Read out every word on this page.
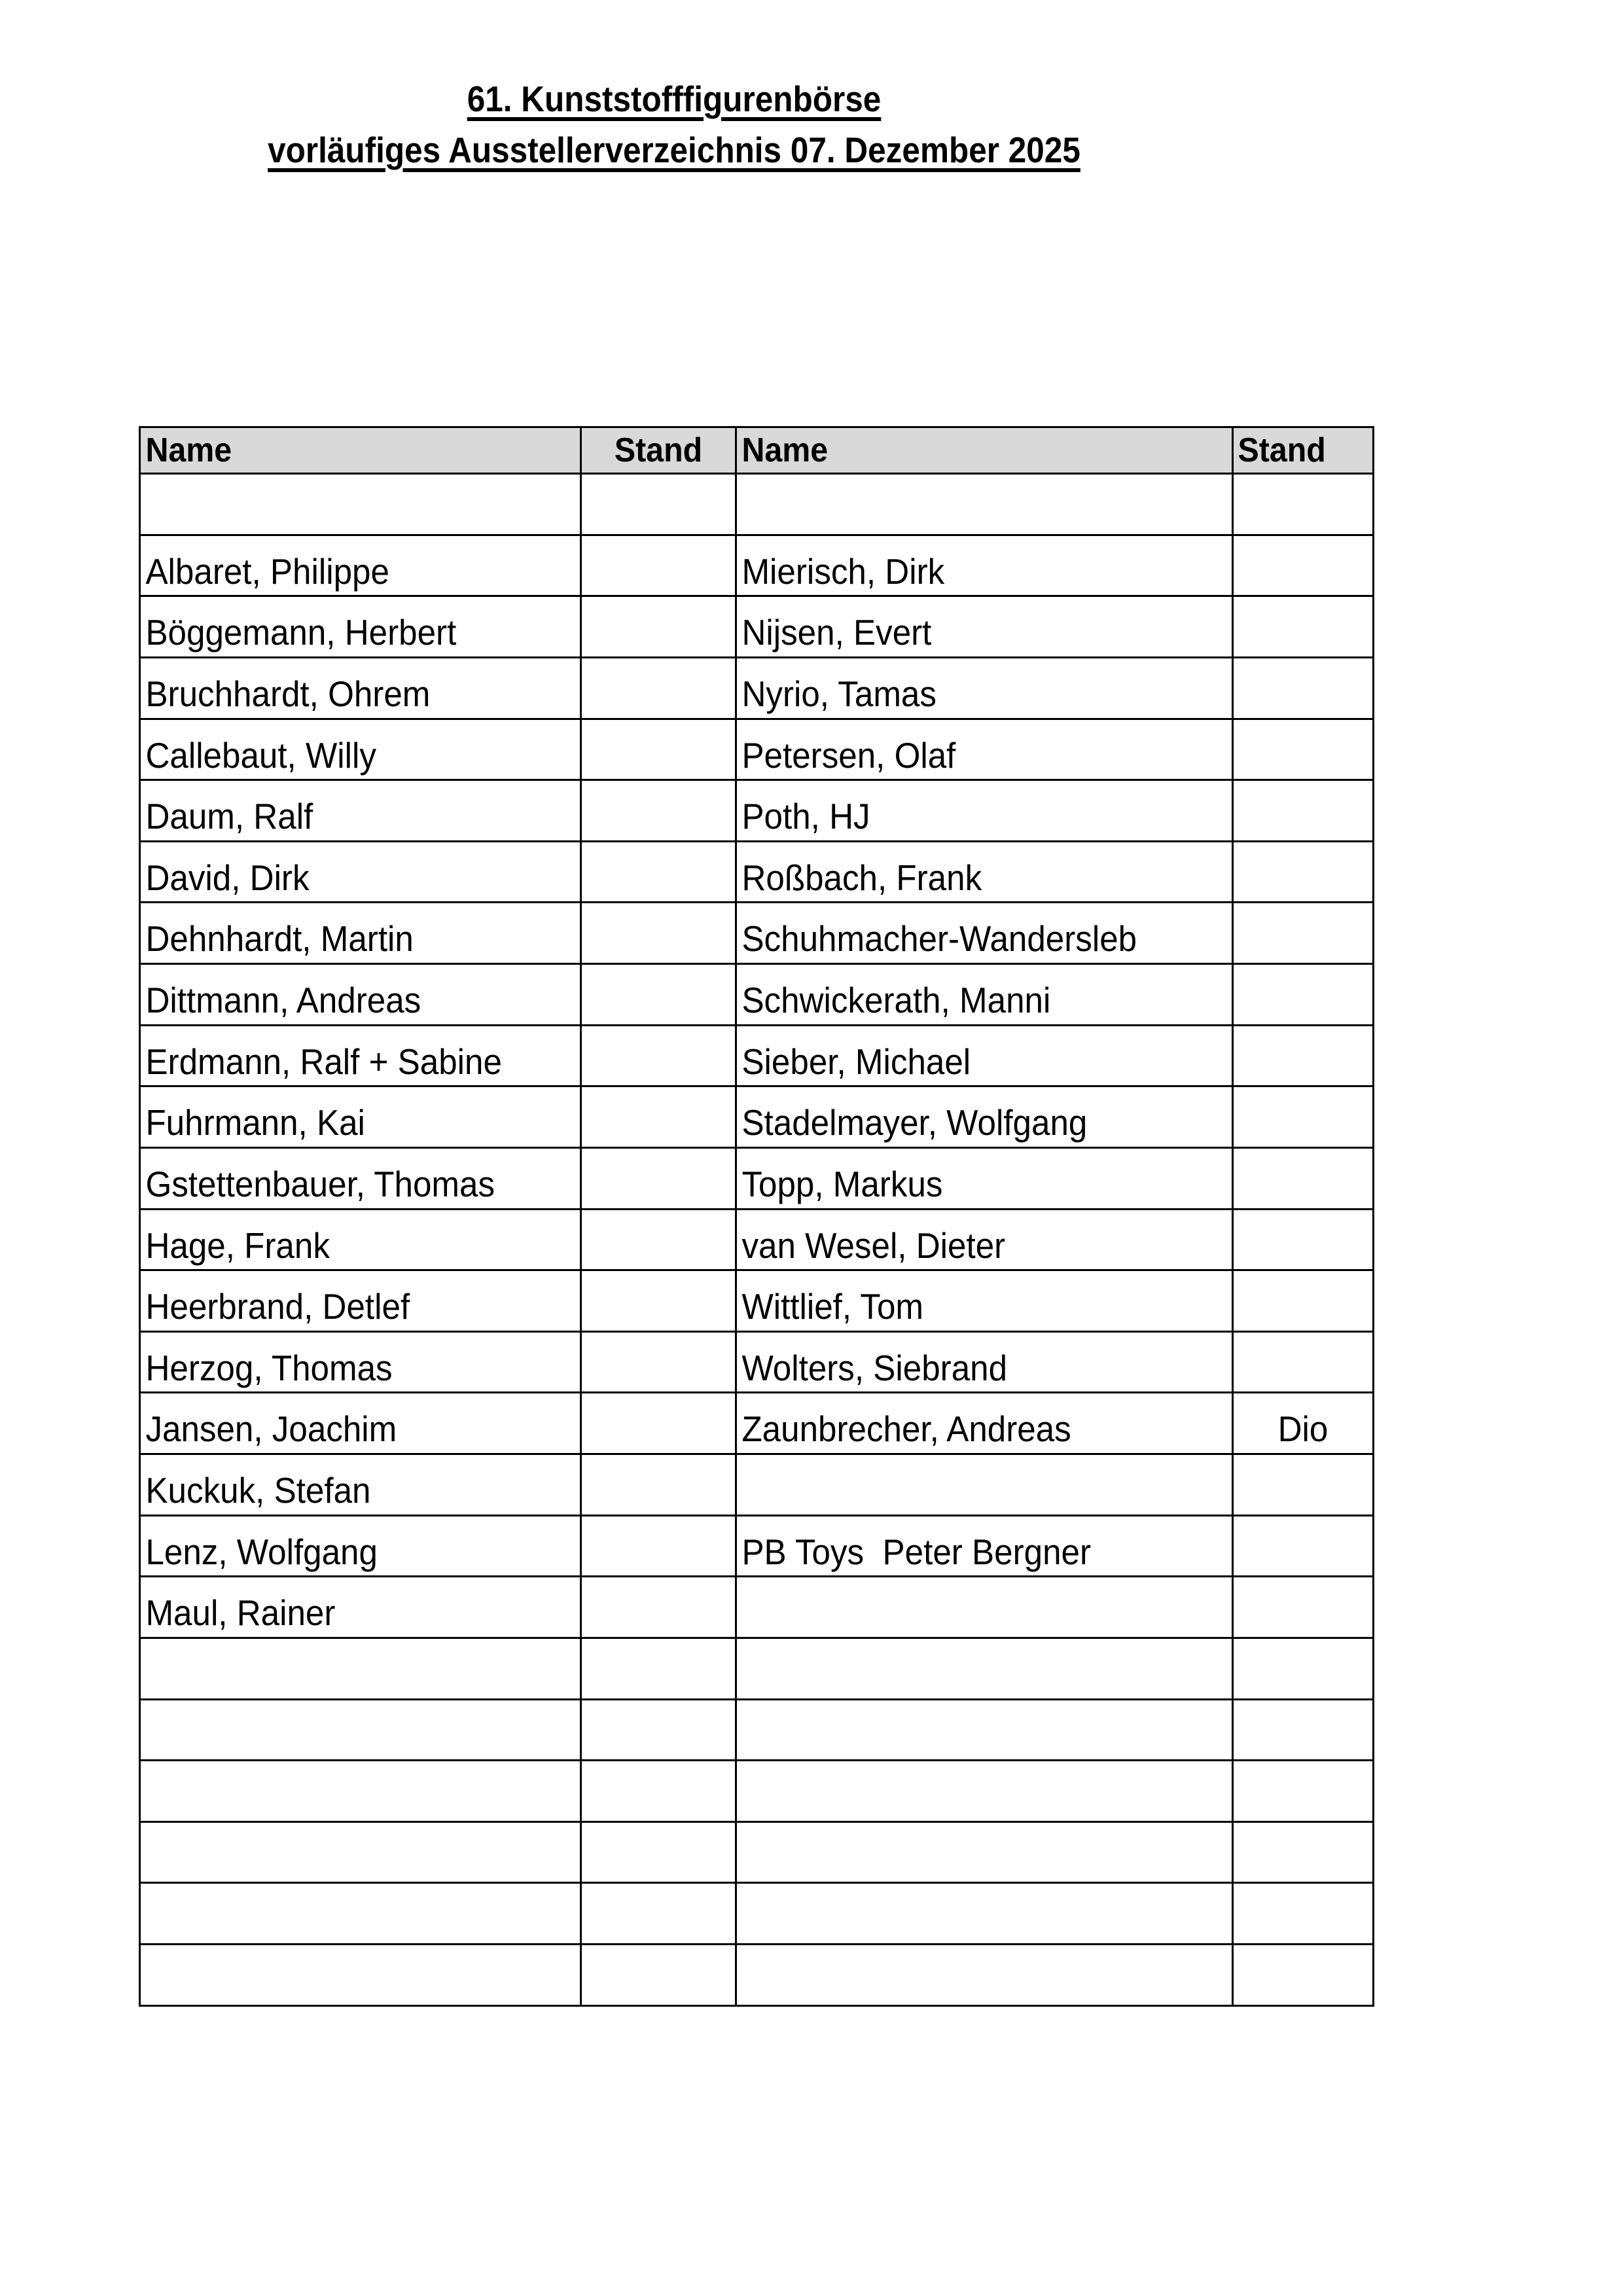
61. Kunststofffigurenbörse
vorläufiges Ausstellerverzeichnis 07. Dezember 2025
Name	Stand	Name	Stand

Albaret, Philippe		Mierisch, Dirk	

Böggemann, Herbert		Nijsen, Evert	

Bruchhardt, Ohrem		Nyrio, Tamas	

Callebaut, Willy		Petersen, Olaf	

Daum, Ralf		Poth, HJ	

David, Dirk		Roßbach, Frank	

Dehnhardt, Martin		Schuhmacher-Wandersleb	

Dittmann, Andreas		Schwickerath, Manni	

Erdmann, Ralf + Sabine		Sieber, Michael	

Fuhrmann, Kai		Stadelmayer, Wolfgang	

Gstettenbauer, Thomas		Topp, Markus	

Hage, Frank		van Wesel, Dieter	

Heerbrand, Detlef		Wittlief, Tom	

Herzog, Thomas		Wolters, Siebrand	

Jansen, Joachim		Zaunbrecher, Andreas	Dio

Kuckuk, Stefan			

Lenz, Wolfgang		PB Toys  Peter Bergner	

Maul, Rainer			
